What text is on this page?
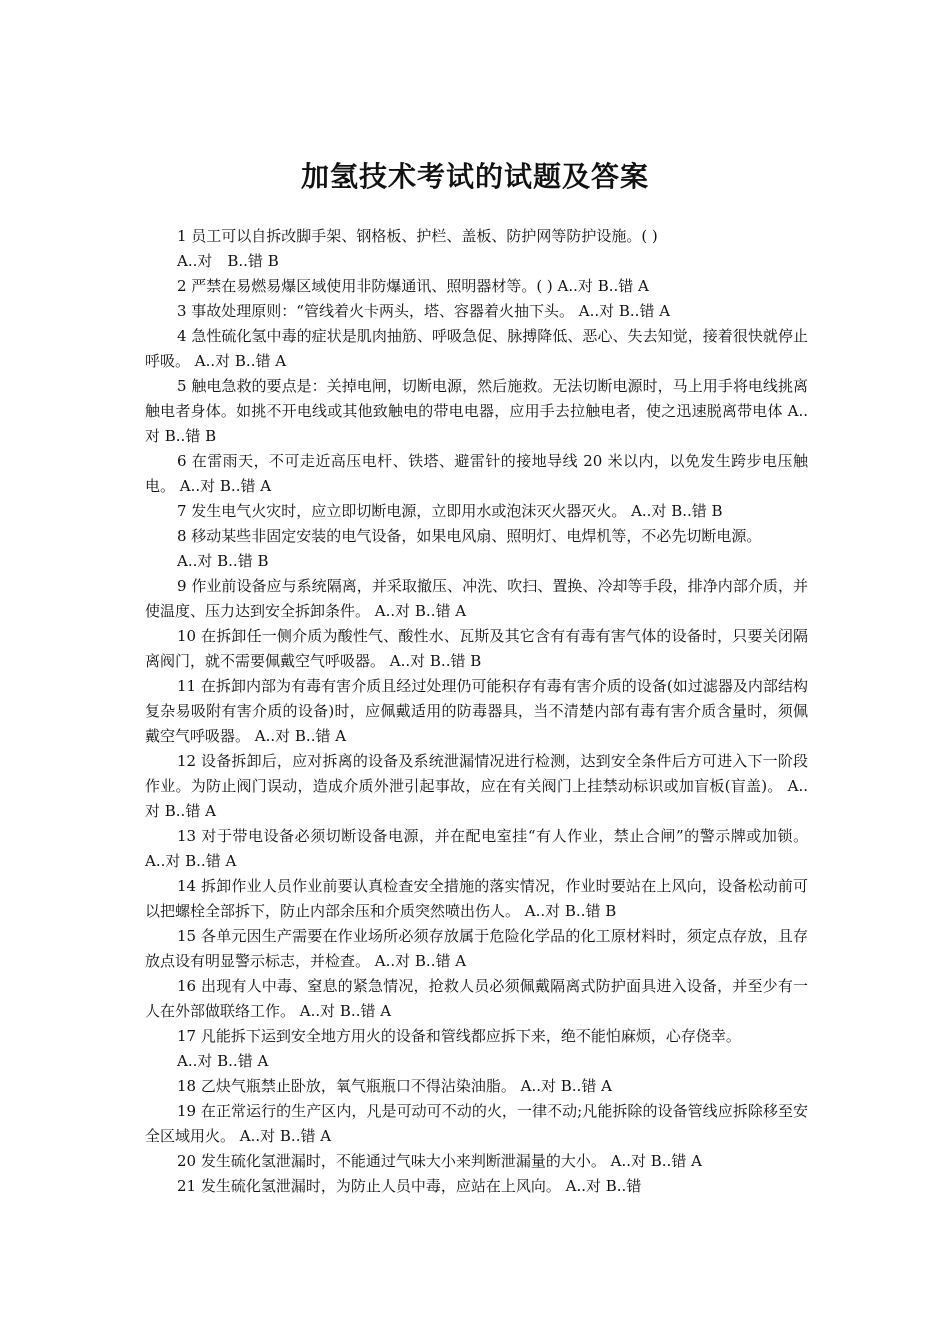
加氢技术考试的试题及答案

1 员工可以自拆改脚手架、钢格板、护栏、盖板、防护网等防护设施。( )

A..对　B..错 B

2 严禁在易燃易爆区域使用非防爆通讯、照明器材等。( ) A..对 B..错 A

3 事故处理原则：“管线着火卡两头，塔、容器着火抽下头。 A..对 B..错 A

4 急性硫化氢中毒的症状是肌肉抽筋、呼吸急促、脉搏降低、恶心、失去知觉，接着很快就停止呼吸。 A..对 B..错 A

5 触电急救的要点是：关掉电闸，切断电源，然后施救。无法切断电源时，马上用手将电线挑离触电者身体。如挑不开电线或其他致触电的带电电器，应用手去拉触电者，使之迅速脱离带电体 A..对 B..错 B

6 在雷雨天，不可走近高压电杆、铁塔、避雷针的接地导线 20 米以内，以免发生跨步电压触电。 A..对 B..错 A

7 发生电气火灾时，应立即切断电源，立即用水或泡沫灭火器灭火。 A..对 B..错 B

8 移动某些非固定安装的电气设备，如果电风扇、照明灯、电焊机等，不必先切断电源。

A..对 B..错 B

9 作业前设备应与系统隔离，并采取撤压、冲洗、吹扫、置换、冷却等手段，排净内部介质，并使温度、压力达到安全拆卸条件。 A..对 B..错 A

10 在拆卸任一侧介质为酸性气、酸性水、瓦斯及其它含有有毒有害气体的设备时，只要关闭隔离阀门，就不需要佩戴空气呼吸器。 A..对 B..错 B

11 在拆卸内部为有毒有害介质且经过处理仍可能积存有毒有害介质的设备(如过滤器及内部结构复杂易吸附有害介质的设备)时，应佩戴适用的防毒器具，当不清楚内部有毒有害介质含量时，须佩戴空气呼吸器。 A..对 B..错 A

12 设备拆卸后，应对拆离的设备及系统泄漏情况进行检测，达到安全条件后方可进入下一阶段作业。为防止阀门误动，造成介质外泄引起事故，应在有关阀门上挂禁动标识或加盲板(盲盖)。 A..对 B..错 A

13 对于带电设备必须切断设备电源，并在配电室挂“有人作业，禁止合闸”的警示牌或加锁。 A..对 B..错 A

14 拆卸作业人员作业前要认真检查安全措施的落实情况，作业时要站在上风向，设备松动前可以把螺栓全部拆下，防止内部余压和介质突然喷出伤人。 A..对 B..错 B

15 各单元因生产需要在作业场所必须存放属于危险化学品的化工原材料时，须定点存放，且存放点设有明显警示标志，并检查。 A..对 B..错 A

16 出现有人中毒、窒息的紧急情况，抢救人员必须佩戴隔离式防护面具进入设备，并至少有一人在外部做联络工作。 A..对 B..错 A

17 凡能拆下运到安全地方用火的设备和管线都应拆下来，绝不能怕麻烦，心存侥幸。

A..对 B..错 A

18 乙炔气瓶禁止卧放，氧气瓶瓶口不得沾染油脂。 A..对 B..错 A

19 在正常运行的生产区内，凡是可动可不动的火，一律不动;凡能拆除的设备管线应拆除移至安全区域用火。 A..对 B..错 A

20 发生硫化氢泄漏时，不能通过气味大小来判断泄漏量的大小。 A..对 B..错 A

21 发生硫化氢泄漏时，为防止人员中毒，应站在上风向。 A..对 B..错
